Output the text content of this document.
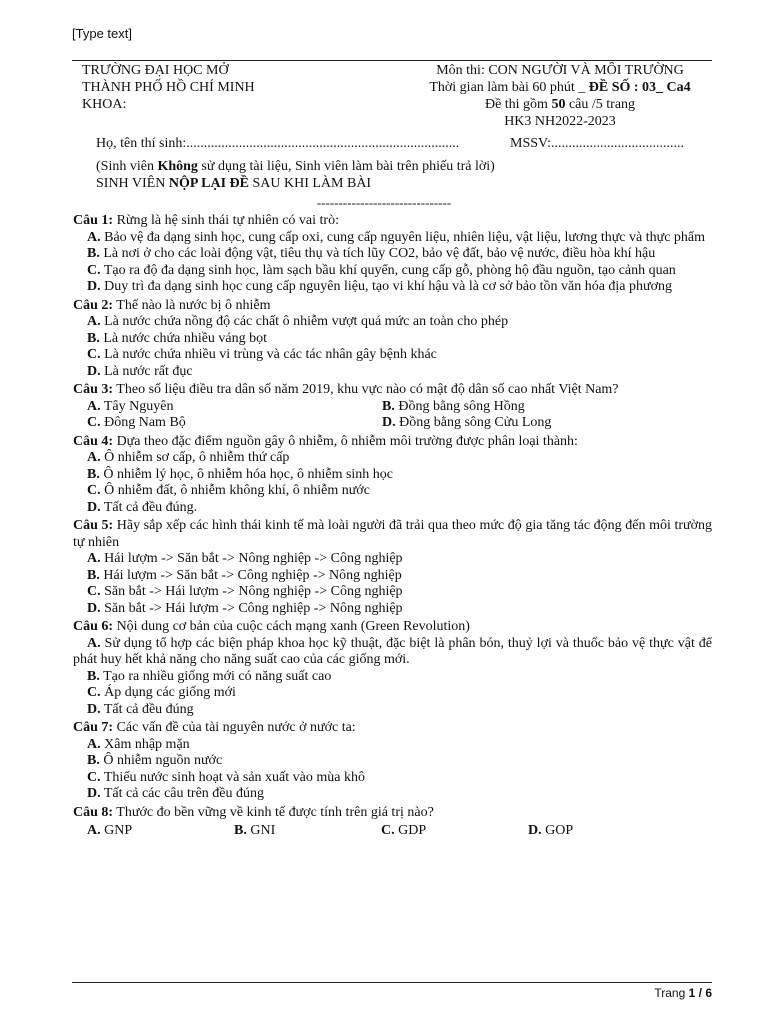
[Type text]
TRƯỜNG ĐẠI HỌC MỞ
THÀNH PHỐ HỒ CHÍ MINH
KHOA:
Môn thi: CON NGƯỜI VÀ MÔI TRƯỜNG
Thời gian làm bài 60 phút _ ĐỀ SỐ : 03_ Ca4
Đề thi gồm 50 câu /5 trang
HK3 NH2022-2023
Họ, tên thí sinh:..............................................................................	MSSV:......................................
(Sinh viên Không sử dụng tài liệu, Sinh viên làm bài trên phiếu trả lời)
SINH VIÊN NỘP LẠI ĐỀ SAU KHI LÀM BÀI
-------------------------------
Câu 1: Rừng là hệ sinh thái tự nhiên có vai trò:
A. Bảo vệ đa dạng sinh học, cung cấp oxi, cung cấp nguyên liệu, nhiên liệu, vật liệu, lương thực và thực phẩm
B. Là nơi ở cho các loài động vật, tiêu thụ và tích lũy CO2, bảo vệ đất, bảo vệ nước, điều hòa khí hậu
C. Tạo ra độ đa dạng sinh học, làm sạch bầu khí quyển, cung cấp gỗ, phòng hộ đầu nguồn, tạo cảnh quan
D. Duy trì đa dạng sinh học cung cấp nguyên liệu, tạo vi khí hậu và là cơ sở bảo tồn văn hóa địa phương
Câu 2: Thế nào là nước bị ô nhiễm
A. Là nước chứa nồng độ các chất ô nhiễm vượt quá mức an toàn cho phép
B. Là nước chứa nhiều váng bọt
C. Là nước chứa nhiều vi trùng và các tác nhân gây bệnh khác
D. Là nước rất đục
Câu 3: Theo số liệu điều tra dân số năm 2019, khu vực nào có mật độ dân số cao nhất Việt Nam?
A. Tây Nguyên	B. Đồng bằng sông Hồng
C. Đông Nam Bộ	D. Đồng bằng sông Cửu Long
Câu 4: Dựa theo đặc điểm nguồn gây ô nhiễm, ô nhiễm môi trường được phân loại thành:
A. Ô nhiễm sơ cấp, ô nhiễm thứ cấp
B. Ô nhiễm lý học, ô nhiễm hóa học, ô nhiễm sinh học
C. Ô nhiễm đất, ô nhiễm không khí, ô nhiễm nước
D. Tất cả đều đúng.
Câu 5: Hãy sắp xếp các hình thái kinh tế mà loài người đã trải qua theo mức độ gia tăng tác động đến môi trường tự nhiên
A. Hái lượm -> Săn bắt -> Nông nghiệp -> Công nghiệp
B. Hái lượm -> Săn bắt -> Công nghiệp -> Nông nghiệp
C. Săn bắt -> Hái lượm -> Nông nghiệp -> Công nghiệp
D. Săn bắt -> Hái lượm -> Công nghiệp -> Nông nghiệp
Câu 6: Nội dung cơ bản của cuộc cách mạng xanh (Green Revolution)
A. Sử dụng tổ hợp các biện pháp khoa học kỹ thuật, đặc biệt là phân bón, thuỷ lợi và thuốc bảo vệ thực vật để phát huy hết khả năng cho năng suất cao của các giống mới.
B. Tạo ra nhiều giống mới có năng suất cao
C. Áp dụng các giống mới
D. Tất cả đều đúng
Câu 7: Các vấn đề của tài nguyên nước ở nước ta:
A. Xâm nhập mặn
B. Ô nhiễm nguồn nước
C. Thiếu nước sinh hoạt và sản xuất vào mùa khô
D. Tất cả các câu trên đều đúng
Câu 8: Thước đo bền vững về kinh tế được tính trên giá trị nào?
A. GNP	B. GNI	C. GDP	D. GOP
Trang 1 / 6
